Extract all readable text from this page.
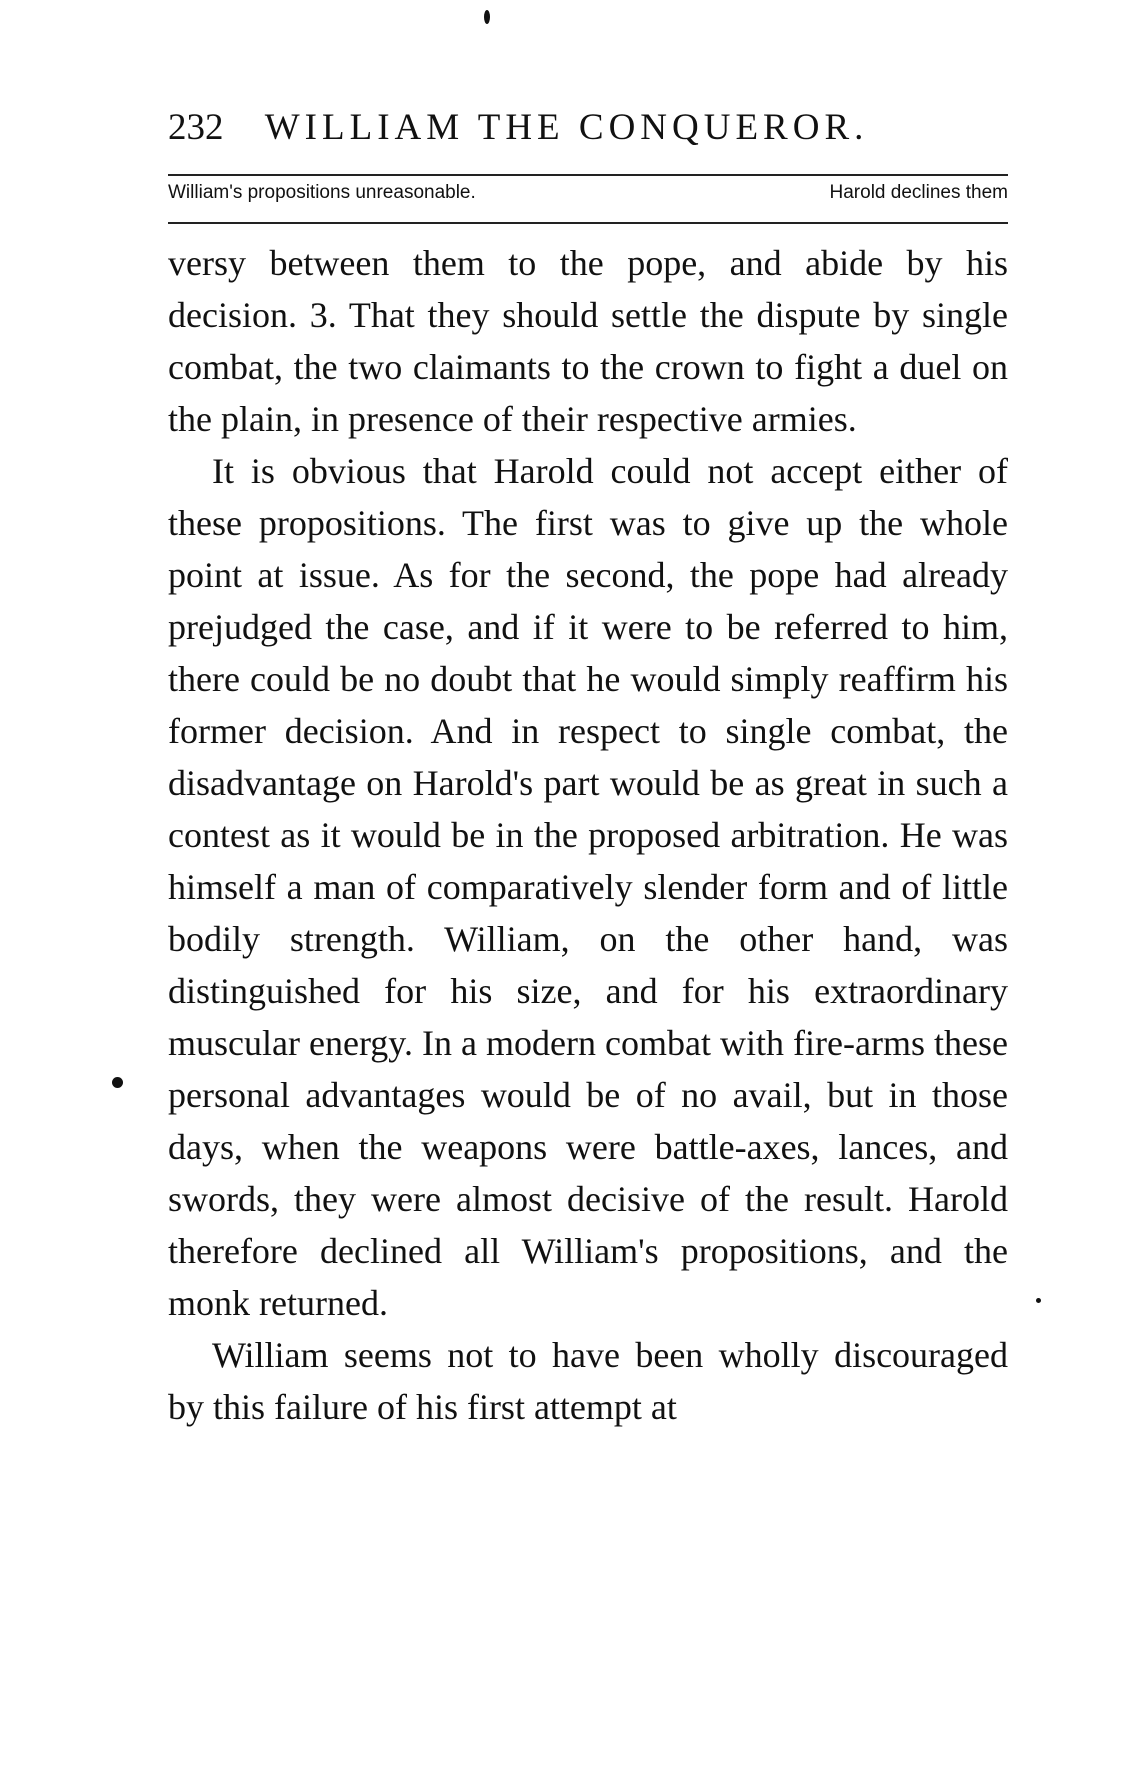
232 WILLIAM THE CONQUEROR.
William's propositions unreasonable.	Harold declines them

versy between them to the pope, and abide by his decision. 3. That they should settle the dispute by single combat, the two claimants to the crown to fight a duel on the plain, in presence of their respective armies.

It is obvious that Harold could not accept either of these propositions. The first was to give up the whole point at issue. As for the second, the pope had already prejudged the case, and if it were to be referred to him, there could be no doubt that he would simply reaffirm his former decision. And in respect to single combat, the disadvantage on Harold's part would be as great in such a contest as it would be in the proposed arbitration. He was himself a man of comparatively slender form and of little bodily strength. William, on the other hand, was distinguished for his size, and for his extraordinary muscular energy. In a modern combat with fire-arms these personal advantages would be of no avail, but in those days, when the weapons were battle-axes, lances, and swords, they were almost decisive of the result. Harold therefore declined all William's propositions, and the monk returned.

William seems not to have been wholly discouraged by this failure of his first attempt at
